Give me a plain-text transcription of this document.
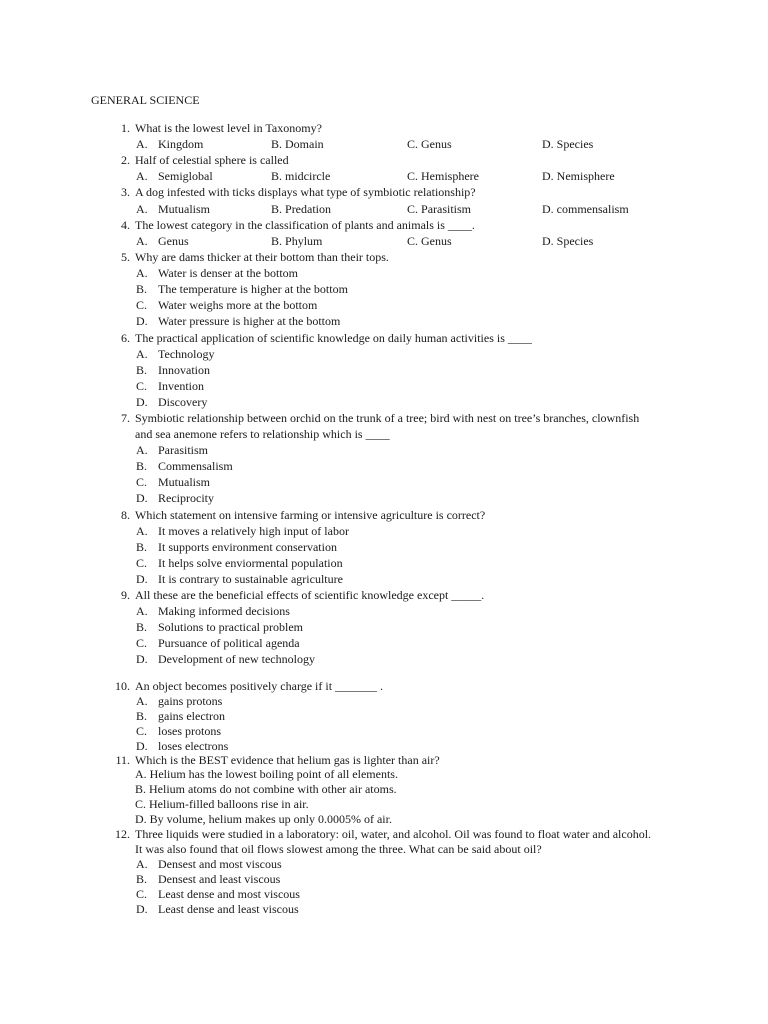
GENERAL SCIENCE
1. What is the lowest level in Taxonomy?
A. Kingdom	B. Domain	C. Genus	D. Species
2. Half of celestial sphere is called
A. Semiglobal	B. midcircle	C. Hemisphere	D. Nemisphere
3. A dog infested with ticks displays what type of symbiotic relationship?
A. Mutualism	B. Predation	C. Parasitism	D. commensalism
4. The lowest category in the classification of plants and animals is ____.
A. Genus	B. Phylum	C. Genus	D. Species
5. Why are dams thicker at their bottom than their tops.
A. Water is denser at the bottom
B. The temperature is higher at the bottom
C. Water weighs more at the bottom
D. Water pressure is higher at the bottom
6. The practical application of scientific knowledge on daily human activities is ____
A. Technology
B. Innovation
C. Invention
D. Discovery
7. Symbiotic relationship between orchid on the trunk of a tree; bird with nest on tree’s branches, clownfish
and sea anemone refers to relationship which is ____
A. Parasitism
B. Commensalism
C. Mutualism
D. Reciprocity
8. Which statement on intensive farming or intensive agriculture is correct?
A. It moves a relatively high input of labor
B. It supports environment conservation
C. It helps solve enviormental population
D. It is contrary to sustainable agriculture
9. All these are the beneficial effects of scientific knowledge except _____.
A. Making informed decisions
B. Solutions to practical problem
C. Pursuance of political agenda
D. Development of new technology
10. An object becomes positively charge if it _______ .
A. gains protons
B. gains electron
C. loses protons
D. loses electrons
11. Which is the BEST evidence that helium gas is lighter than air?
A. Helium has the lowest boiling point of all elements.
B. Helium atoms do not combine with other air atoms.
C. Helium-filled balloons rise in air.
D. By volume, helium makes up only 0.0005% of air.
12. Three liquids were studied in a laboratory: oil, water, and alcohol. Oil was found to float water and alcohol.
It was also found that oil flows slowest among the three. What can be said about oil?
A. Densest and most viscous
B. Densest and least viscous
C. Least dense and most viscous
D. Least dense and least viscous
